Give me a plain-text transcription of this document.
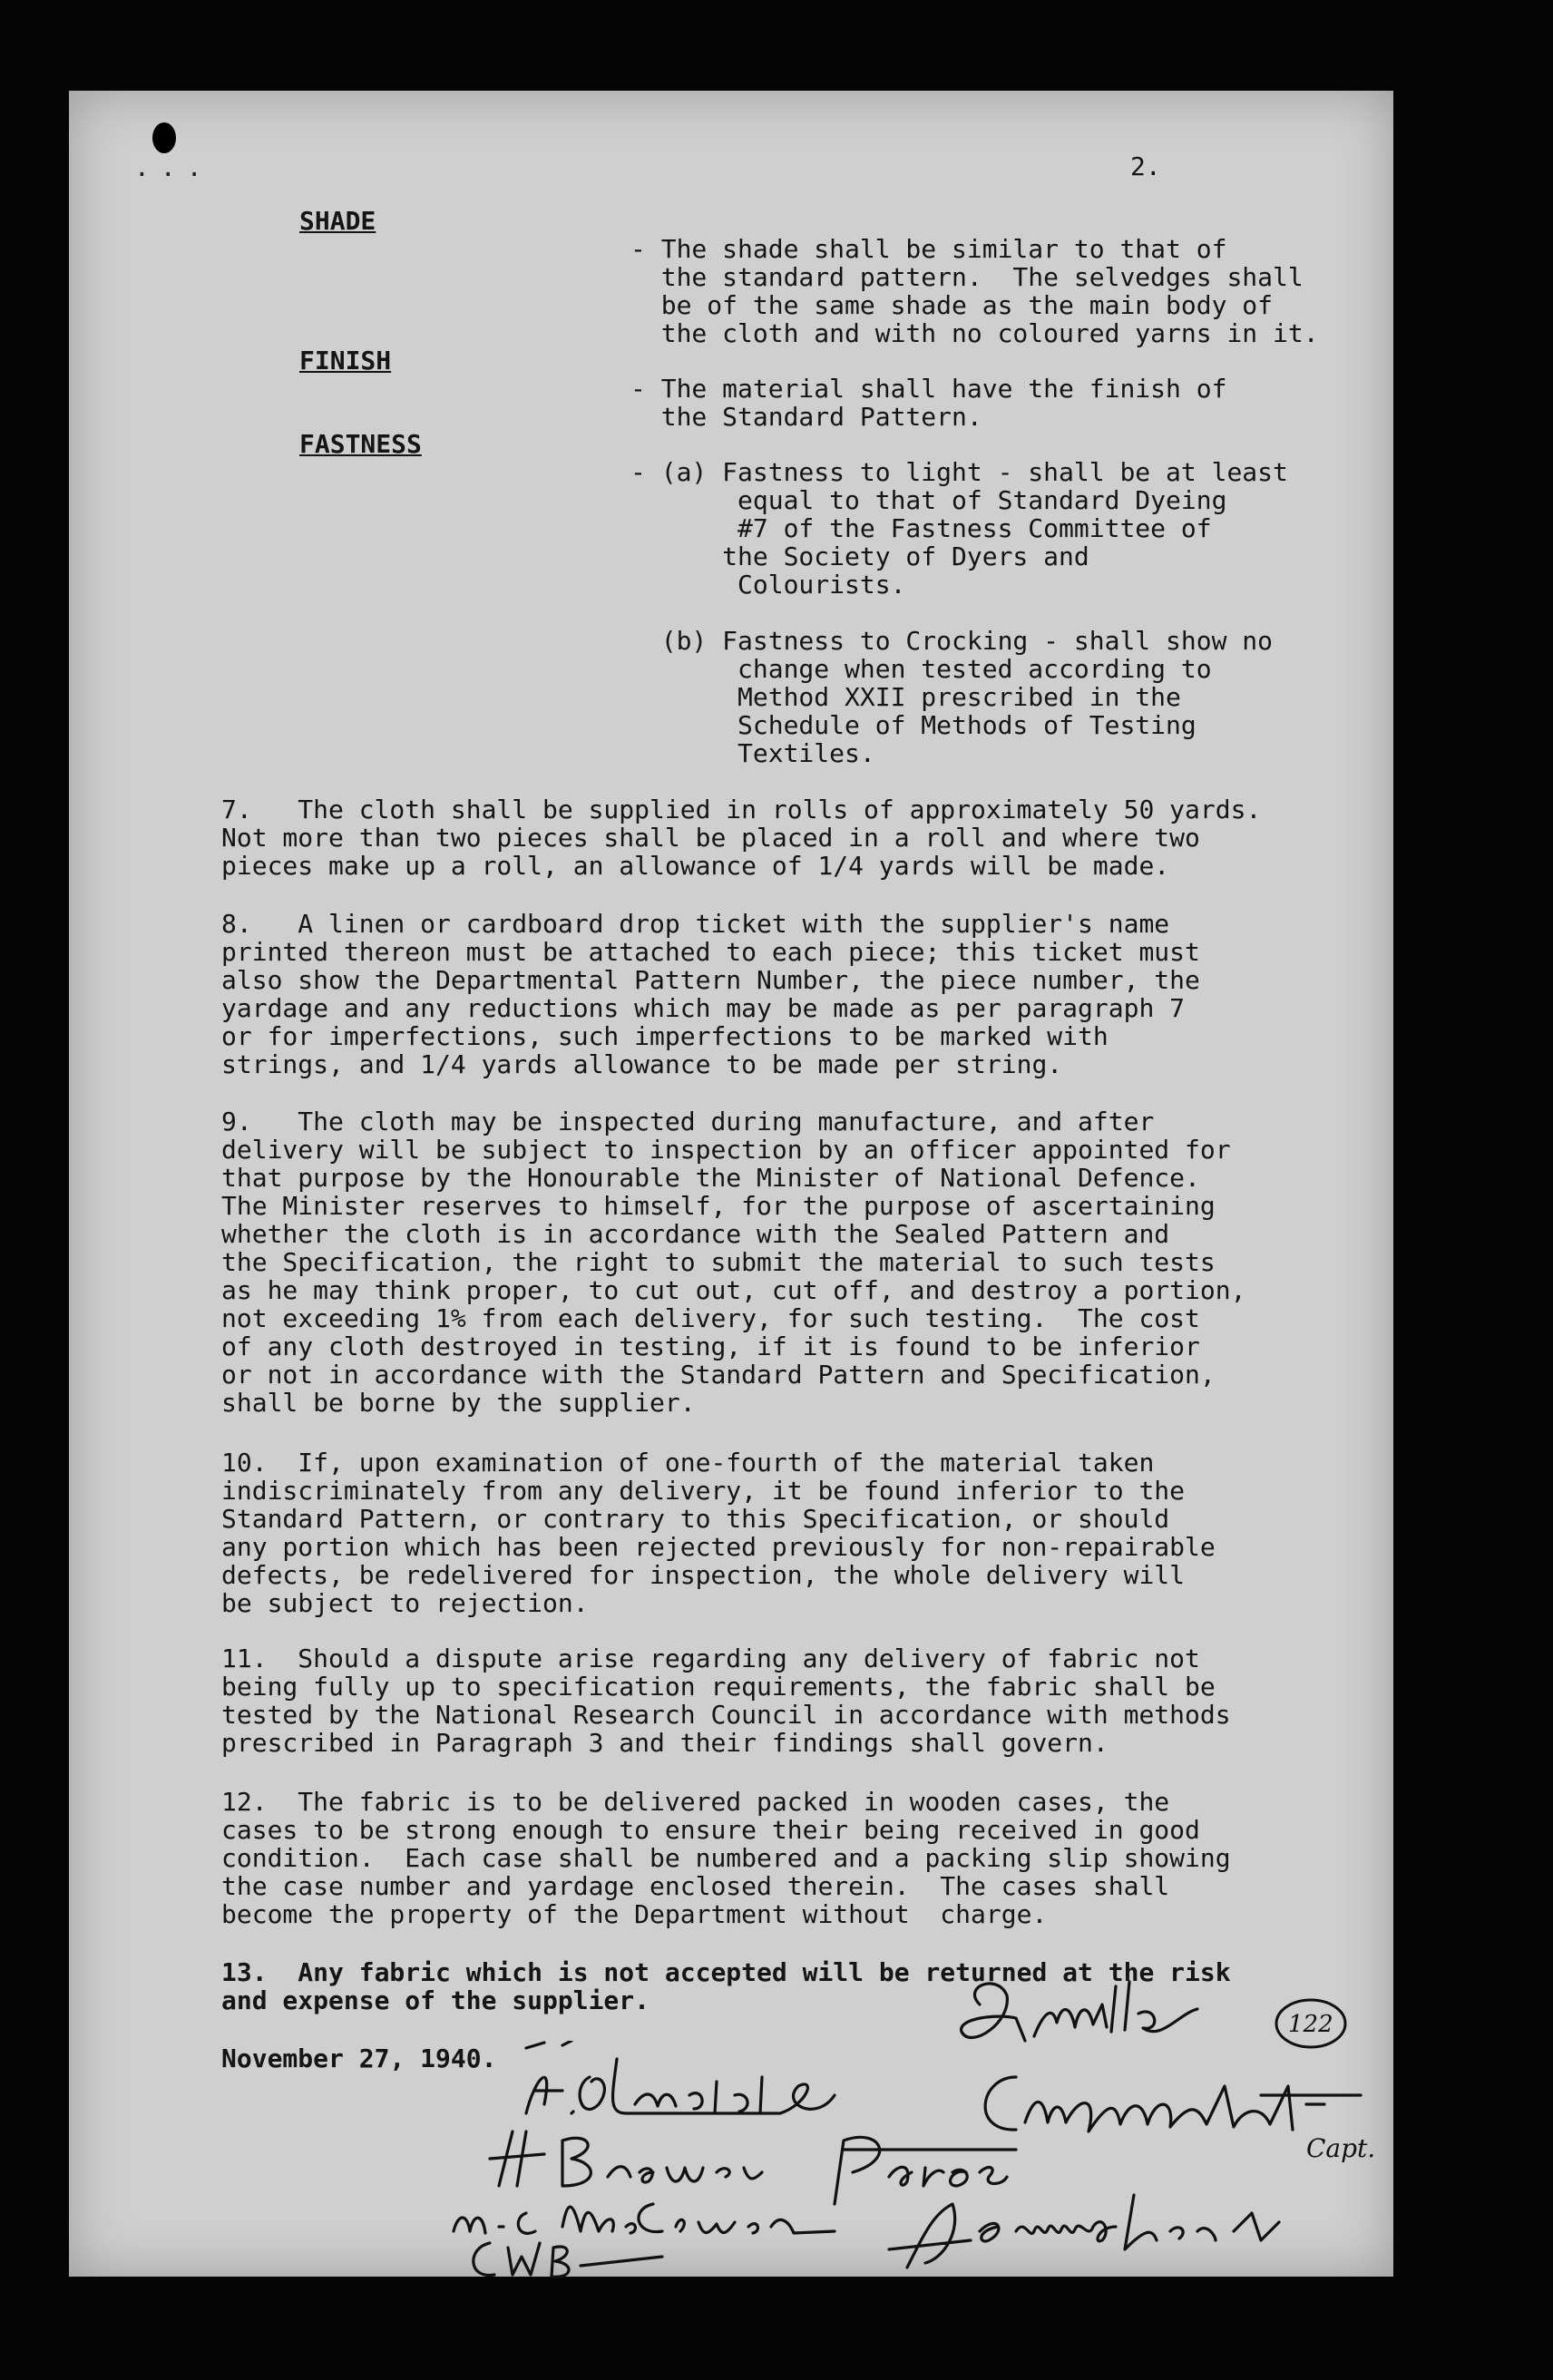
...	2.
SHADE

- The shade shall be similar to that of
the standard pattern.  The selvedges shall
be of the same shade as the main body of
the cloth and with no coloured yarns in it.
FINISH

- The material shall have the finish of
the Standard Pattern.
FASTNESS

- (a) Fastness to light - shall be at least
equal to that of Standard Dyeing
#7 of the Fastness Committee of
the Society of Dyers and
Colourists.
(b) Fastness to Crocking - shall show no
change when tested according to
Method XXII prescribed in the
Schedule of Methods of Testing
Textiles.

7.   The cloth shall be supplied in rolls of approximately 50 yards.
Not more than two pieces shall be placed in a roll and where two
pieces make up a roll, an allowance of 1/4 yards will be made.

8.   A linen or cardboard drop ticket with the supplier's name
printed thereon must be attached to each piece; this ticket must
also show the Departmental Pattern Number, the piece number, the
yardage and any reductions which may be made as per paragraph 7
or for imperfections, such imperfections to be marked with
strings, and 1/4 yards allowance to be made per string.

9.   The cloth may be inspected during manufacture, and after
delivery will be subject to inspection by an officer appointed for
that purpose by the Honourable the Minister of National Defence.
The Minister reserves to himself, for the purpose of ascertaining
whether the cloth is in accordance with the Sealed Pattern and
the Specification, the right to submit the material to such tests
as he may think proper, to cut out, cut off, and destroy a portion,
not exceeding 1% from each delivery, for such testing.  The cost
of any cloth destroyed in testing, if it is found to be inferior
or not in accordance with the Standard Pattern and Specification,
shall be borne by the supplier.

10.  If, upon examination of one-fourth of the material taken
indiscriminately from any delivery, it be found inferior to the
Standard Pattern, or contrary to this Specification, or should
any portion which has been rejected previously for non-repairable
defects, be redelivered for inspection, the whole delivery will
be subject to rejection.

11.  Should a dispute arise regarding any delivery of fabric not
being fully up to specification requirements, the fabric shall be
tested by the National Research Council in accordance with methods
prescribed in Paragraph 3 and their findings shall govern.

12.  The fabric is to be delivered packed in wooden cases, the
cases to be strong enough to ensure their being received in good
condition.  Each case shall be numbered and a packing slip showing
the case number and yardage enclosed therein.  The cases shall
become the property of the Department without  charge.

13.  Any fabric which is not accepted will be returned at the risk
and expense of the supplier.
November 27, 1940.
122
Capt.
